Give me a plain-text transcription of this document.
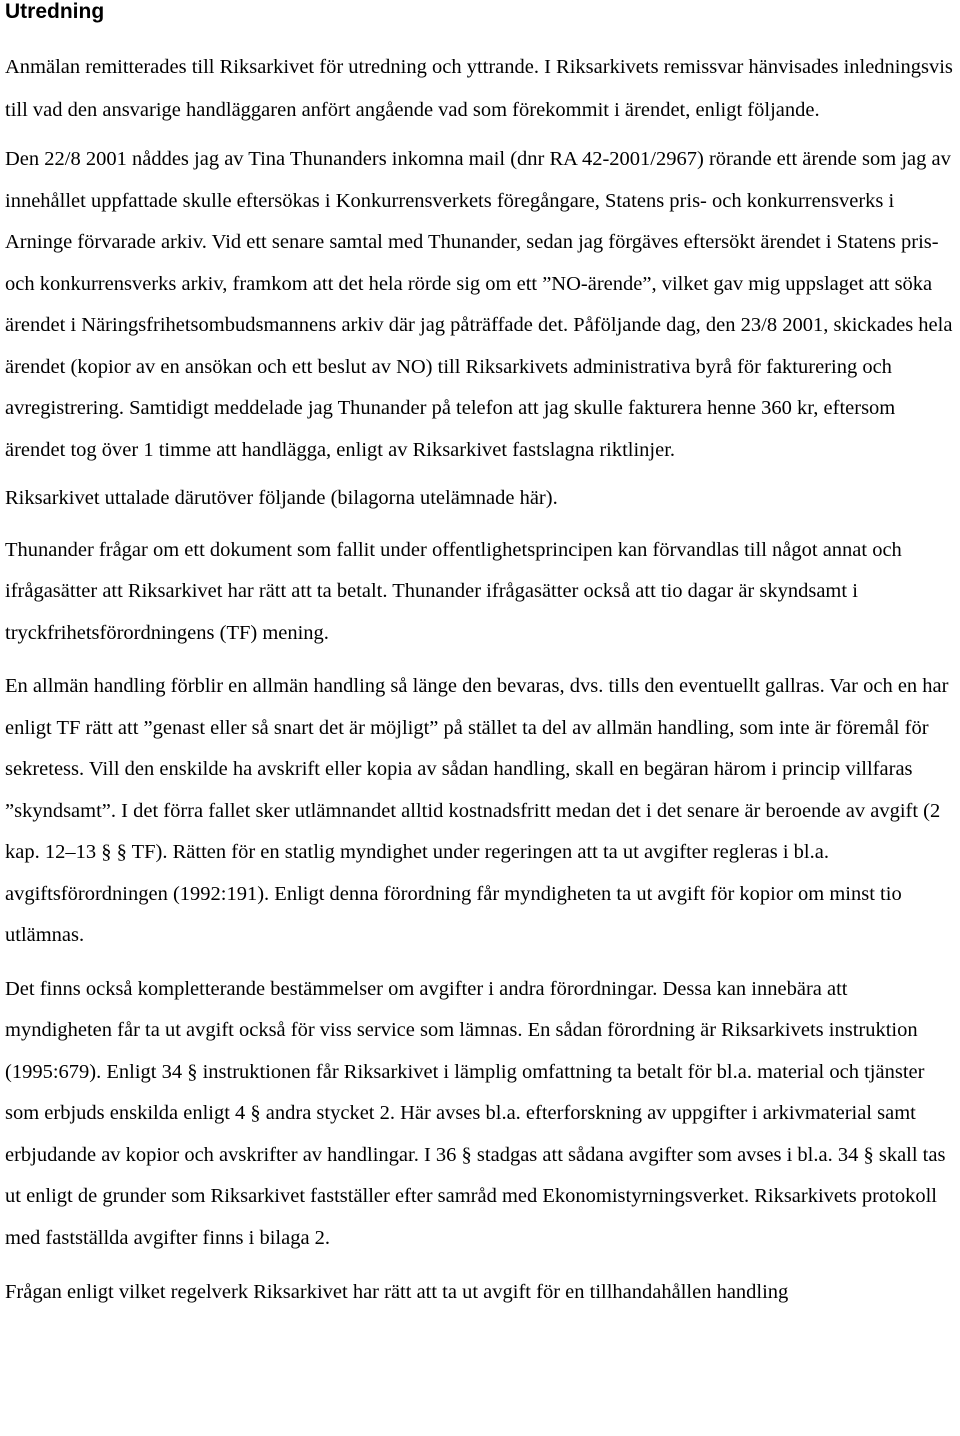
Utredning

Anmälan remitterades till Riksarkivet för utredning och yttrande. I Riksarkivets remissvar hänvisades inledningsvis till vad den ansvarige handläggaren anfört angående vad som förekommit i ärendet, enligt följande.

Den 22/8 2001 nåddes jag av Tina Thunanders inkomna mail (dnr RA 42-2001/2967) rörande ett ärende som jag av innehållet uppfattade skulle eftersökas i Konkurrensverkets föregångare, Statens pris- och konkurrensverks i Arninge förvarade arkiv. Vid ett senare samtal med Thunander, sedan jag förgäves eftersökt ärendet i Statens pris- och konkurrensverks arkiv, framkom att det hela rörde sig om ett ”NO-ärende”, vilket gav mig uppslaget att söka ärendet i Näringsfrihetsombudsmannens arkiv där jag påträffade det. Påföljande dag, den 23/8 2001, skickades hela ärendet (kopior av en ansökan och ett beslut av NO) till Riksarkivets administrativa byrå för fakturering och avregistrering. Samtidigt meddelade jag Thunander på telefon att jag skulle fakturera henne 360 kr, eftersom ärendet tog över 1 timme att handlägga, enligt av Riksarkivet fastslagna riktlinjer.

Riksarkivet uttalade därutöver följande (bilagorna utelämnade här).

Thunander frågar om ett dokument som fallit under offentlighetsprincipen kan förvandlas till något annat och ifrågasätter att Riksarkivet har rätt att ta betalt. Thunander ifrågasätter också att tio dagar är skyndsamt i tryckfrihetsförordningens (TF) mening.

En allmän handling förblir en allmän handling så länge den bevaras, dvs. tills den eventuellt gallras. Var och en har enligt TF rätt att ”genast eller så snart det är möjligt” på stället ta del av allmän handling, som inte är föremål för sekretess. Vill den enskilde ha avskrift eller kopia av sådan handling, skall en begäran härom i princip villfaras ”skyndsamt”. I det förra fallet sker utlämnandet alltid kostnadsfritt medan det i det senare är beroende av avgift (2 kap. 12–13 § § TF). Rätten för en statlig myndighet under regeringen att ta ut avgifter regleras i bl.a. avgiftsförordningen (1992:191). Enligt denna förordning får myndigheten ta ut avgift för kopior om minst tio utlämnas.

Det finns också kompletterande bestämmelser om avgifter i andra förordningar. Dessa kan innebära att myndigheten får ta ut avgift också för viss service som lämnas. En sådan förordning är Riksarkivets instruktion (1995:679). Enligt 34 § instruktionen får Riksarkivet i lämplig omfattning ta betalt för bl.a. material och tjänster som erbjuds enskilda enligt 4 § andra stycket 2. Här avses bl.a. efterforskning av uppgifter i arkivmaterial samt erbjudande av kopior och avskrifter av handlingar. I 36 § stadgas att sådana avgifter som avses i bl.a. 34 § skall tas ut enligt de grunder som Riksarkivet fastställer efter samråd med Ekonomistyrningsverket. Riksarkivets protokoll med fastställda avgifter finns i bilaga 2.

Frågan enligt vilket regelverk Riksarkivet har rätt att ta ut avgift för en tillhandahållen handling
